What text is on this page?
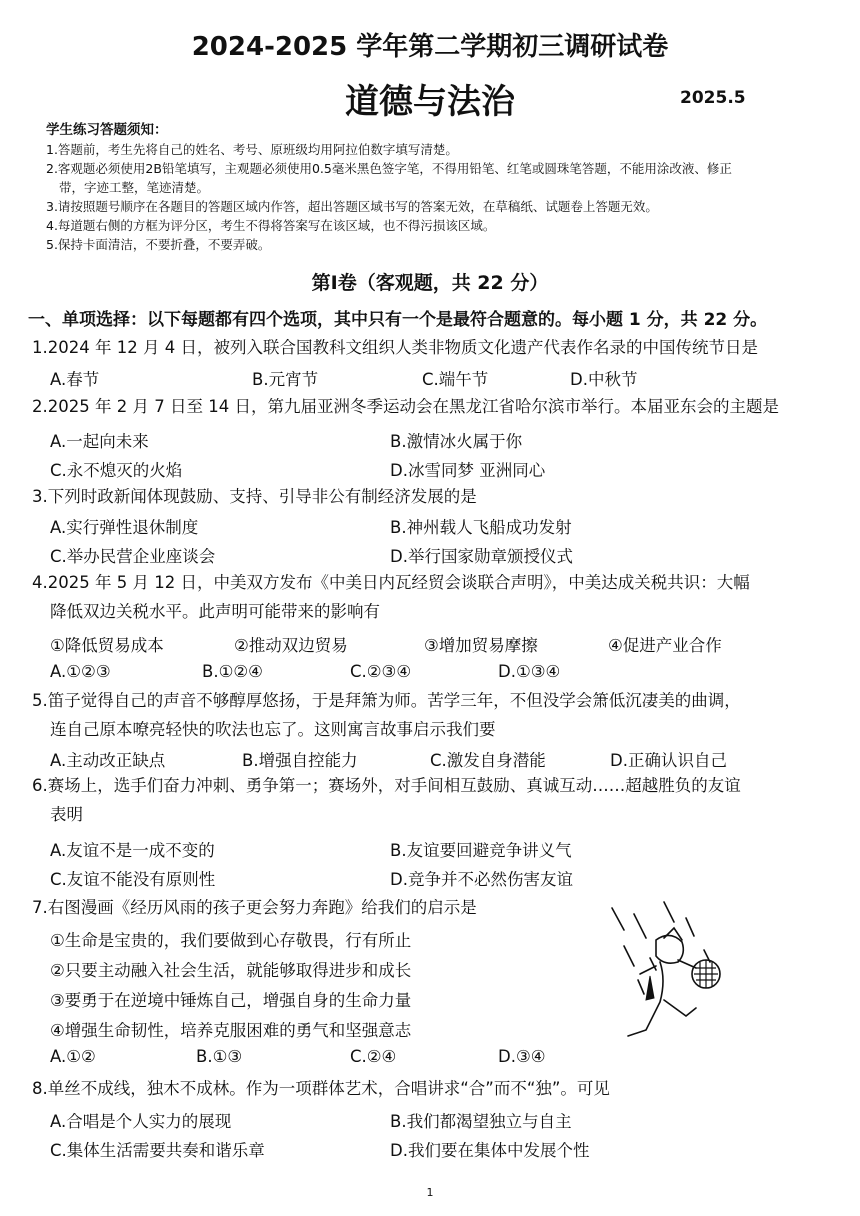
2024-2025 学年第二学期初三调研试卷
道德与法治	2025.5
学生练习答题须知：
1.答题前，考生先将自己的姓名、考号、原班级均用阿拉伯数字填写清楚。
2.客观题必须使用2B铅笔填写，主观题必须使用0.5毫米黑色签字笔，不得用铅笔、红笔或圆珠笔答题，不能用涂改液、修正
带，字迹工整，笔迹清楚。
3.请按照题号顺序在各题目的答题区域内作答，超出答题区域书写的答案无效，在草稿纸、试题卷上答题无效。
4.每道题右侧的方框为评分区，考生不得将答案写在该区域，也不得污损该区域。
5.保持卡面清洁，不要折叠，不要弄破。
第Ⅰ卷（客观题，共 22 分）
一、单项选择：以下每题都有四个选项，其中只有一个是最符合题意的。每小题 1 分，共 22 分。
1.2024 年 12 月 4 日，被列入联合国教科文组织人类非物质文化遗产代表作名录的中国传统节日是
A.春节	B.元宵节	C.端午节	D.中秋节
2.2025 年 2 月 7 日至 14 日，第九届亚洲冬季运动会在黑龙江省哈尔滨市举行。本届亚东会的主题是
A.一起向未来	B.激情冰火属于你
C.永不熄灭的火焰	D.冰雪同梦 亚洲同心
3.下列时政新闻体现鼓励、支持、引导非公有制经济发展的是
A.实行弹性退休制度	B.神州载人飞船成功发射
C.举办民营企业座谈会	D.举行国家勋章颁授仪式
4.2025 年 5 月 12 日，中美双方发布《中美日内瓦经贸会谈联合声明》，中美达成关税共识：大幅
降低双边关税水平。此声明可能带来的影响有
①降低贸易成本	②推动双边贸易	③增加贸易摩擦	④促进产业合作
A.①②③	B.①②④	C.②③④	D.①③④
5.笛子觉得自己的声音不够醇厚悠扬，于是拜箫为师。苦学三年，不但没学会箫低沉凄美的曲调，
连自己原本嘹亮轻快的吹法也忘了。这则寓言故事启示我们要
A.主动改正缺点	B.增强自控能力	C.激发自身潜能	D.正确认识自己
6.赛场上，选手们奋力冲刺、勇争第一；赛场外，对手间相互鼓励、真诚互动……超越胜负的友谊
表明
A.友谊不是一成不变的	B.友谊要回避竞争讲义气
C.友谊不能没有原则性	D.竞争并不必然伤害友谊
7.右图漫画《经历风雨的孩子更会努力奔跑》给我们的启示是
①生命是宝贵的，我们要做到心存敬畏，行有所止
②只要主动融入社会生活，就能够取得进步和成长
③要勇于在逆境中锤炼自己，增强自身的生命力量
④增强生命韧性，培养克服困难的勇气和坚强意志
A.①②	B.①③	C.②④	D.③④
8.单丝不成线，独木不成林。作为一项群体艺术，合唱讲求“合”而不“独”。可见
A.合唱是个人实力的展现	B.我们都渴望独立与自主
C.集体生活需要共奏和谐乐章	D.我们要在集体中发展个性
1
